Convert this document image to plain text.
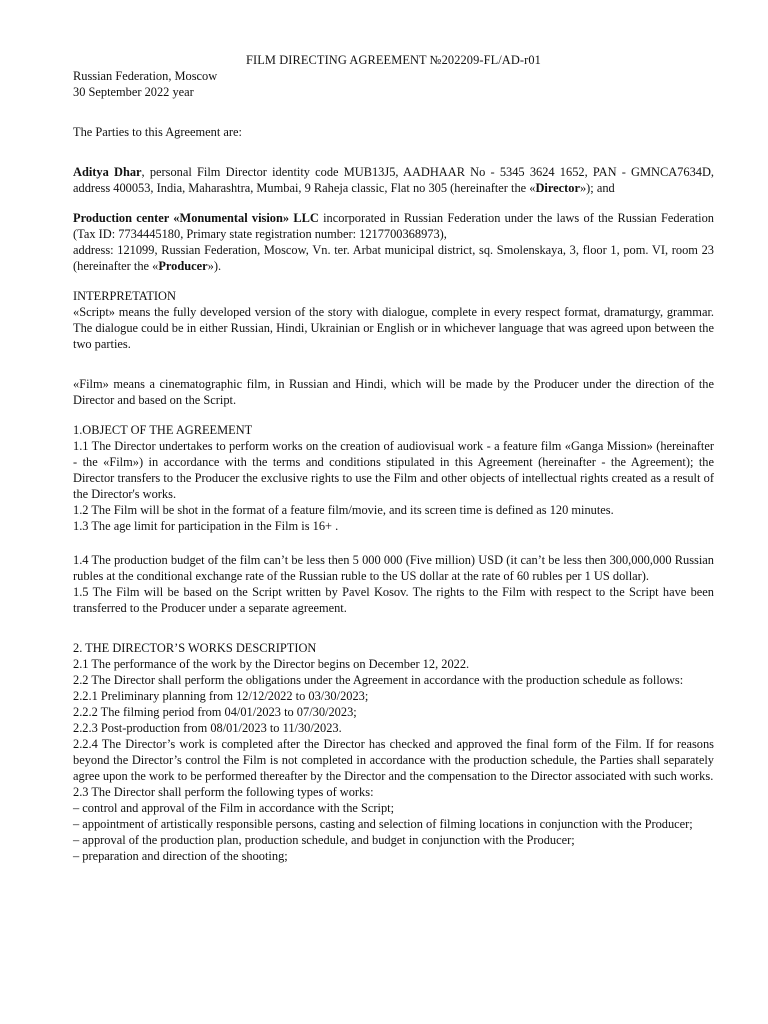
FILM DIRECTING AGREEMENT №202209-FL/AD-r01

Russian Federation, Moscow

30 September 2022 year

The Parties to this Agreement are:

Aditya Dhar, personal Film Director identity code MUB13J5, AADHAAR No - 5345 3624 1652, PAN - GMNCA7634D, address 400053, India, Maharashtra, Mumbai, 9 Raheja classic, Flat no 305 (hereinafter the «Director»); and

Production center «Monumental vision» LLC incorporated in Russian Federation under the laws of the Russian Federation (Tax ID: 7734445180, Primary state registration number: 1217700368973),

address: 121099, Russian Federation, Moscow, Vn. ter. Arbat municipal district, sq. Smolenskaya, 3, floor 1, pom. VI, room 23 (hereinafter the «Producer»).

INTERPRETATION

«Script» means the fully developed version of the story with dialogue, complete in every respect format, dramaturgy, grammar. The dialogue could be in either Russian, Hindi, Ukrainian or English or in whichever language that was agreed upon between the two parties.

«Film» means a cinematographic film, in Russian and Hindi, which will be made by the Producer under the direction of the Director and based on the Script.

1.OBJECT OF THE AGREEMENT

1.1 The Director undertakes to perform works on the creation of audiovisual work - a feature film «Ganga Mission» (hereinafter - the «Film») in accordance with the terms and conditions stipulated in this Agreement (hereinafter - the Agreement); the Director transfers to the Producer the exclusive rights to use the Film and other objects of intellectual rights created as a result of the Director's works.

1.2 The Film will be shot in the format of a feature film/movie, and its screen time is defined as 120 minutes.

1.3 The age limit for participation in the Film is 16+ .

1.4 The production budget of the film can’t be less then 5 000 000 (Five million) USD (it can’t be less then 300,000,000 Russian rubles at the conditional exchange rate of the Russian ruble to the US dollar at the rate of 60 rubles per 1 US dollar).

1.5 The Film will be based on the Script written by Pavel Kosov. The rights to the Film with respect to the Script have been transferred to the Producer under a separate agreement.

2. THE DIRECTOR’S WORKS DESCRIPTION

2.1 The performance of the work by the Director begins on December 12, 2022.

2.2 The Director shall perform the obligations under the Agreement in accordance with the production schedule as follows:

2.2.1 Preliminary planning from 12/12/2022 to 03/30/2023;

2.2.2 The filming period from 04/01/2023 to 07/30/2023;

2.2.3 Post-production from 08/01/2023 to 11/30/2023.

2.2.4 The Director’s work is completed after the Director has checked and approved the final form of the Film. If for reasons beyond the Director’s control the Film is not completed in accordance with the production schedule, the Parties shall separately agree upon the work to be performed thereafter by the Director and the compensation to the Director associated with such works.

2.3 The Director shall perform the following types of works:

– control and approval of the Film in accordance with the Script;

– appointment of artistically responsible persons, casting and selection of filming locations in conjunction with the Producer;

– approval of the production plan, production schedule, and budget in conjunction with the Producer;

– preparation and direction of the shooting;
